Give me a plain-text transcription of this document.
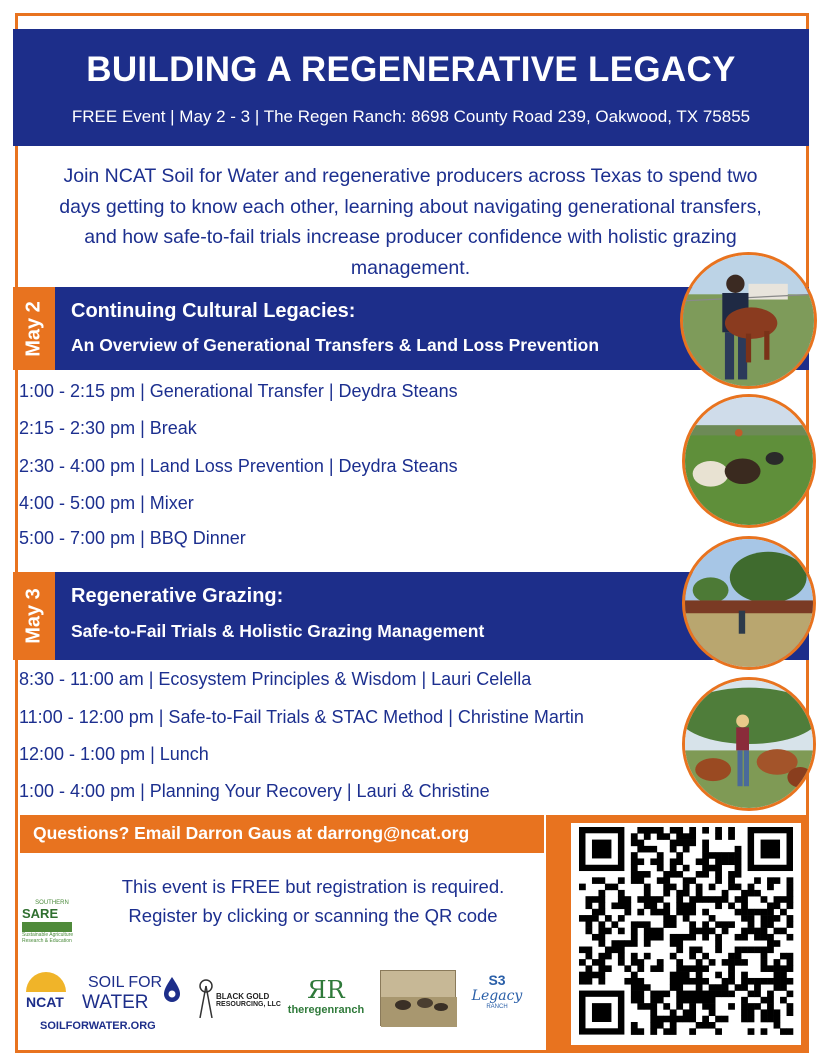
BUILDING A REGENERATIVE LEGACY
FREE Event | May 2 - 3 | The Regen Ranch: 8698 County Road 239, Oakwood, TX 75855
Join NCAT Soil for Water and regenerative producers across Texas to spend two
days getting to know each other, learning about navigating generational transfers,
and how safe-to-fail trials increase producer confidence with holistic grazing
management.
May 2 Continuing Cultural Legacies:
An Overview of Generational Transfers & Land Loss Prevention
1:00 - 2:15 pm | Generational Transfer | Deydra Steans
2:15 - 2:30 pm | Break
2:30 - 4:00 pm | Land Loss Prevention | Deydra Steans
4:00 - 5:00 pm | Mixer
5:00 - 7:00 pm | BBQ Dinner
May 3 Regenerative Grazing:
Safe-to-Fail Trials & Holistic Grazing Management
8:30 - 11:00 am | Ecosystem Principles & Wisdom | Lauri Celella
11:00 - 12:00 pm | Safe-to-Fail Trials & STAC Method | Christine Martin
12:00 - 1:00 pm | Lunch
1:00 - 4:00 pm | Planning Your Recovery | Lauri & Christine
Questions? Email Darron Gaus at darrong@ncat.org
This event is FREE but registration is required.
Register by clicking or scanning the QR code
SOUTHERN
SARE
Sustainable Agriculture
Research & Education
NCAT
SOIL FOR
WATER
SOILFORWATER.ORG
BLACK GOLD
RESOURCING, LLC
ЯR
theregenranch
S3
Legacy
RANCH
